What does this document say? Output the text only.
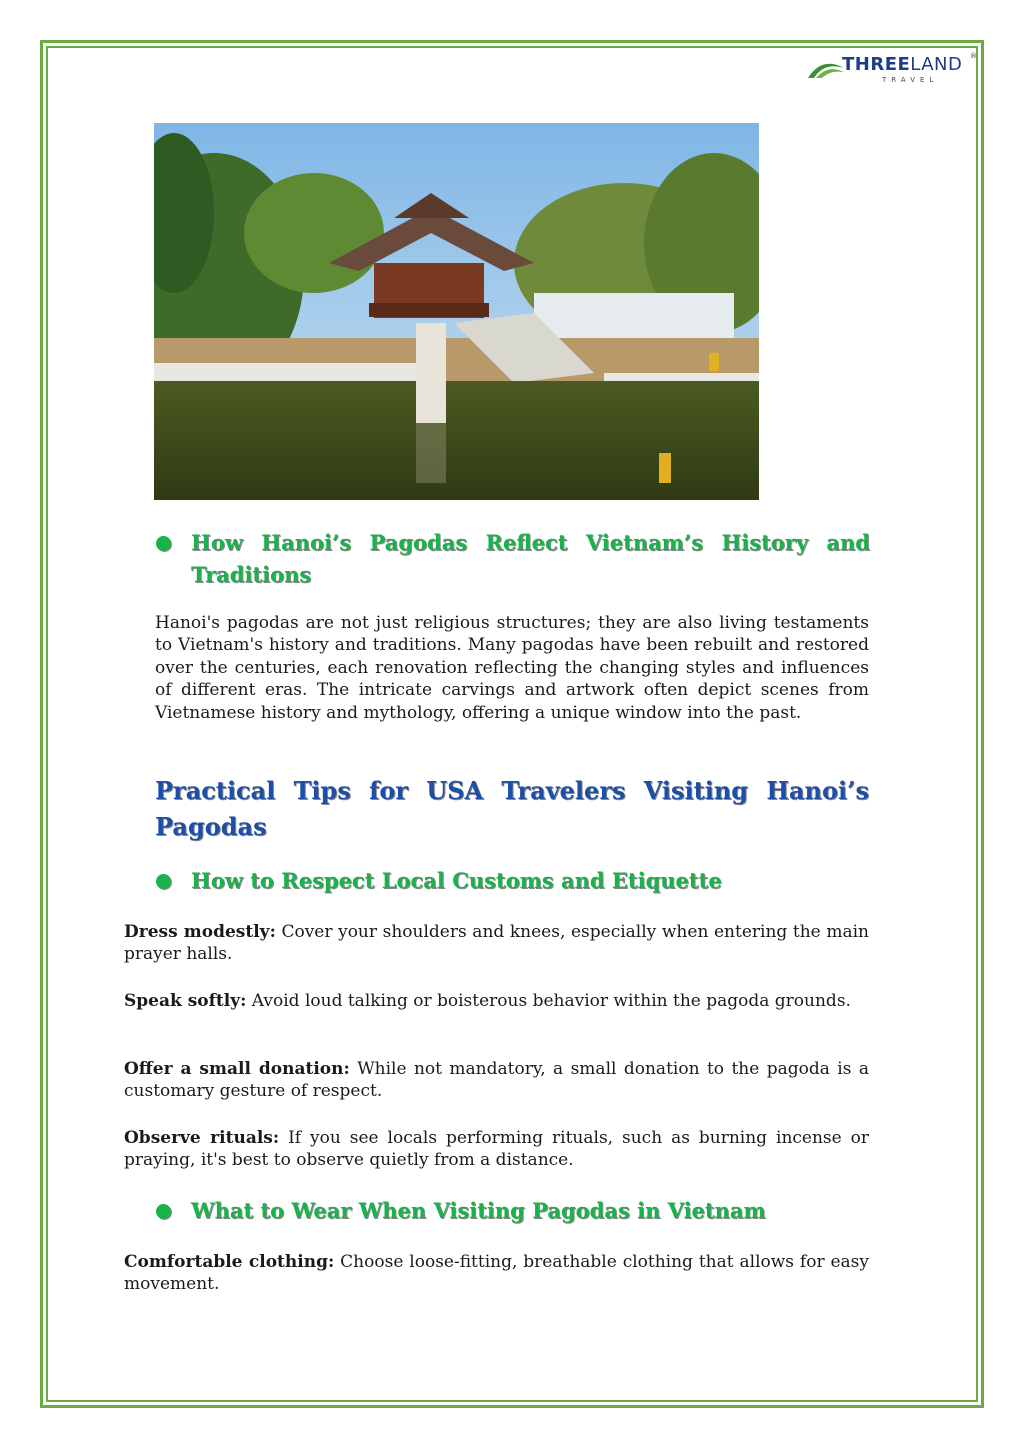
THREELAND ®
TRAVEL
How Hanoi’s Pagodas Reflect Vietnam’s History and
Traditions
Hanoi's pagodas are not just religious structures; they are also living testaments to Vietnam's history and traditions. Many pagodas have been rebuilt and restored over the centuries, each renovation reflecting the changing styles and influences of different eras. The intricate carvings and artwork often depict scenes from Vietnamese history and mythology, offering a unique window into the past.
Practical Tips for USA Travelers Visiting Hanoi’s Pagodas
How to Respect Local Customs and Etiquette
Dress modestly: Cover your shoulders and knees, especially when entering the main prayer halls.
Speak softly: Avoid loud talking or boisterous behavior within the pagoda grounds.
Offer a small donation: While not mandatory, a small donation to the pagoda is a customary gesture of respect.
Observe rituals: If you see locals performing rituals, such as burning incense or praying, it's best to observe quietly from a distance.
What to Wear When Visiting Pagodas in Vietnam
Comfortable clothing: Choose loose-fitting, breathable clothing that allows for easy movement.
